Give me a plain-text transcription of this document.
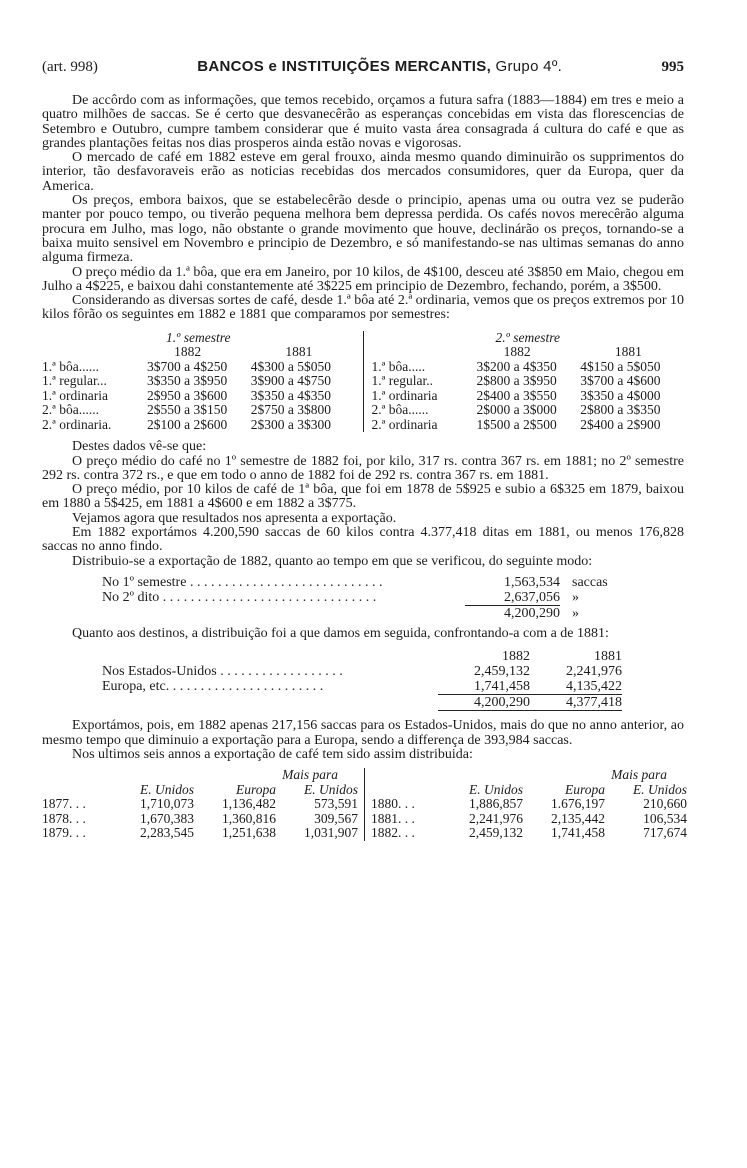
(art. 998)	BANCOS e INSTITUIÇÕES MERCANTIS, Grupo 4º.	995

De accôrdo com as informações, que temos recebido, orçamos a futura safra (1883—1884) em tres e meio a quatro milhões de saccas. Se é certo que desvanecêrão as esperanças concebidas em vista das florescencias de Setembro e Outubro, cumpre tambem considerar que é muito vasta área consagrada á cultura do café e que as grandes plantações feitas nos dias prosperos ainda estão novas e vigorosas.

O mercado de café em 1882 esteve em geral frouxo, ainda mesmo quando diminuirão os supprimentos do interior, tão desfavoraveis erão as noticias recebidas dos mercados consumidores, quer da Europa, quer da America.

Os preços, embora baixos, que se estabelecêrão desde o principio, apenas uma ou outra vez se puderão manter por pouco tempo, ou tiverão pequena melhora bem depressa perdida. Os cafés novos merecêrão alguma procura em Julho, mas logo, não obstante o grande movimento que houve, declinárão os preços, tornando-se a baixa muito sensivel em Novembro e principio de Dezembro, e só manifestando-se nas ultimas semanas do anno alguma firmeza.

O preço médio da 1.ª bôa, que era em Janeiro, por 10 kilos, de 4$100, desceu até 3$850 em Maio, chegou em Julho a 4$225, e baixou dahi constantemente até 3$225 em principio de Dezembro, fechando, porém, a 3$500.

Considerando as diversas sortes de café, desde 1.ª bôa até 2.ª ordinaria, vemos que os preços extremos por 10 kilos fôrão os seguintes em 1882 e 1881 que comparamos por semestres:

1.º semestre
1882	1881
1.ª bôa......	3$700 a 4$250	4$300 a 5$050
1.ª regular...	3$350 a 3$950	3$900 a 4$750
1.ª ordinaria	2$950 a 3$600	3$350 a 4$350
2.ª bôa......	2$550 a 3$150	2$750 a 3$800
2.ª ordinaria.	2$100 a 2$600	2$300 a 3$300
2.º semestre
1882	1881
1.ª bôa.....	3$200 a 4$350	4$150 a 5$050
1.ª regular..	2$800 a 3$950	3$700 a 4$600
1.ª ordinaria	2$400 a 3$550	3$350 a 4$000
2.ª bôa......	2$000 a 3$000	2$800 a 3$350
2.ª ordinaria	1$500 a 2$500	2$400 a 2$900

Destes dados vê-se que:

O preço médio do café no 1º semestre de 1882 foi, por kilo, 317 rs. contra 367 rs. em 1881; no 2º semestre 292 rs. contra 372 rs., e que em todo o anno de 1882 foi de 292 rs. contra 367 rs. em 1881.

O preço médio, por 10 kilos de café de 1ª bôa, que foi em 1878 de 5$925 e subio a 6$325 em 1879, baixou em 1880 a 5$425, em 1881 a 4$600 e em 1882 a 3$775.

Vejamos agora que resultados nos apresenta a exportação.

Em 1882 exportámos 4.200,590 saccas de 60 kilos contra 4.377,418 ditas em 1881, ou menos 176,828 saccas no anno findo.

Distribuio-se a exportação de 1882, quanto ao tempo em que se verificou, do seguinte modo:

No 1º semestre . . . . . . . . . . . . . . . . . . . . . . . . . . . .	1,563,534 saccas
No 2º dito . . . . . . . . . . . . . . . . . . . . . . . . . . . . . . .	2,637,056 »
4,200,290 »

Quanto aos destinos, a distribuição foi a que damos em seguida, confrontando-a com a de 1881:

1882	1881
Nos Estados-Unidos . . . . . . . . . . . . . . . . . .	2,459,132	2,241,976
Europa, etc. . . . . . . . . . . . . . . . . . . . . . .	1,741,458	4,135,422
4,200,290	4,377,418

Exportámos, pois, em 1882 apenas 217,156 saccas para os Estados-Unidos, mais do que no anno anterior, ao mesmo tempo que diminuio a exportação para a Europa, sendo a differença de 393,984 saccas.

Nos ultimos seis annos a exportação de café tem sido assim distribuida:

Mais para
E. Unidos	Europa	E. Unidos
1877. . .	1,710,073	1,136,482	573,591
1878. . .	1,670,383	1,360,816	309,567
1879. . .	2,283,545	1,251,638	1,031,907
Mais para
E. Unidos	Europa	E. Unidos
1880. . .	1,886,857	1.676,197	210,660
1881. . .	2,241,976	2,135,442	106,534
1882. . .	2,459,132	1,741,458	717,674
